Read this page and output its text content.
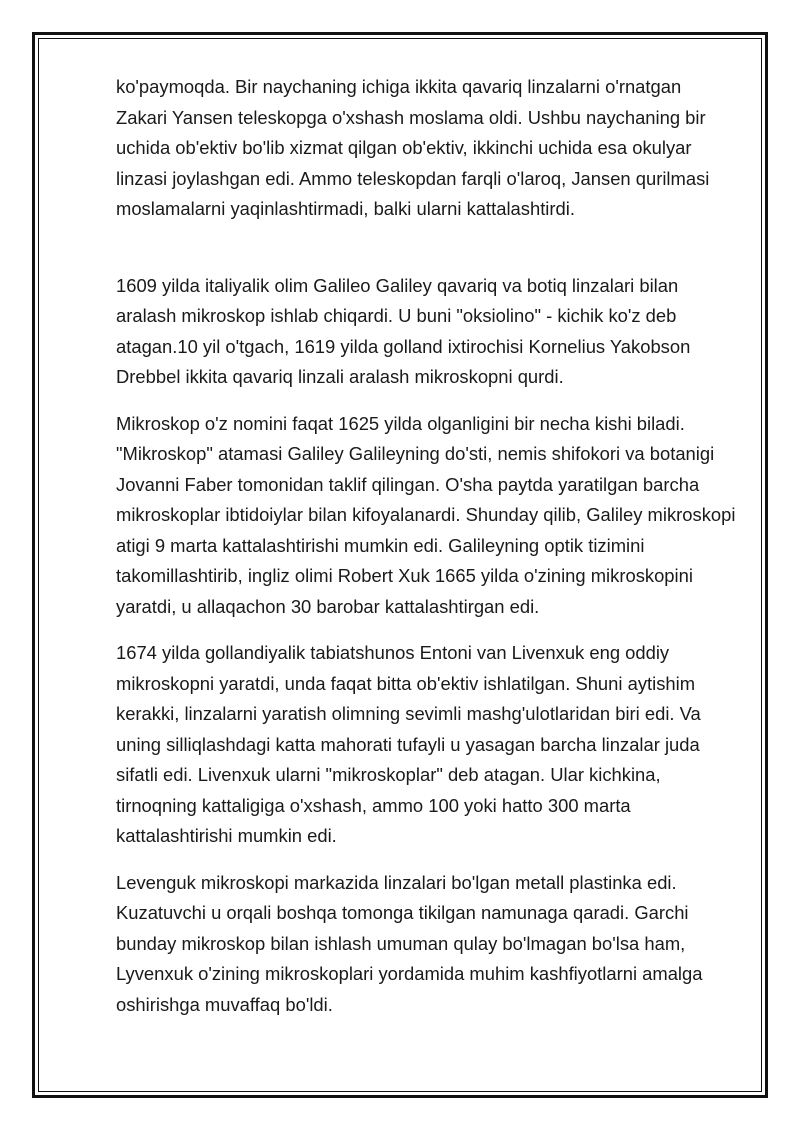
ko'paymoqda. Bir naychaning ichiga ikkita qavariq linzalarni o'rnatgan Zakari Yansen teleskopga o'xshash moslama oldi. Ushbu naychaning bir uchida ob'ektiv bo'lib xizmat qilgan ob'ektiv, ikkinchi uchida esa okulyar linzasi joylashgan edi. Ammo teleskopdan farqli o'laroq, Jansen qurilmasi moslamalarni yaqinlashtirmadi, balki ularni kattalashtirdi.

1609 yilda italiyalik olim Galileo Galiley qavariq va botiq linzalari bilan aralash mikroskop ishlab chiqardi. U buni "oksiolino" - kichik ko'z deb atagan.10 yil o'tgach, 1619 yilda golland ixtirochisi Kornelius Yakobson Drebbel ikkita qavariq linzali aralash mikroskopni qurdi.

Mikroskop o'z nomini faqat 1625 yilda olganligini bir necha kishi biladi. "Mikroskop" atamasi Galiley Galileyning do'sti, nemis shifokori va botanigi Jovanni Faber tomonidan taklif qilingan. O'sha paytda yaratilgan barcha mikroskoplar ibtidoiylar bilan kifoyalanardi. Shunday qilib, Galiley mikroskopi atigi 9 marta kattalashtirishi mumkin edi. Galileyning optik tizimini takomillashtirib, ingliz olimi Robert Xuk 1665 yilda o'zining mikroskopini yaratdi, u allaqachon 30 barobar kattalashtirgan edi.

1674 yilda gollandiyalik tabiatshunos Entoni van Livenxuk eng oddiy mikroskopni yaratdi, unda faqat bitta ob'ektiv ishlatilgan. Shuni aytishim kerakki, linzalarni yaratish olimning sevimli mashg'ulotlaridan biri edi. Va uning silliqlashdagi katta mahorati tufayli u yasagan barcha linzalar juda sifatli edi. Livenxuk ularni "mikroskoplar" deb atagan. Ular kichkina, tirnoqning kattaligiga o'xshash, ammo 100 yoki hatto 300 marta kattalashtirishi mumkin edi.

Levenguk mikroskopi markazida linzalari bo'lgan metall plastinka edi. Kuzatuvchi u orqali boshqa tomonga tikilgan namunaga qaradi. Garchi bunday mikroskop bilan ishlash umuman qulay bo'lmagan bo'lsa ham, Lyvenxuk o'zining mikroskoplari yordamida muhim kashfiyotlarni amalga oshirishga muvaffaq bo'ldi.
